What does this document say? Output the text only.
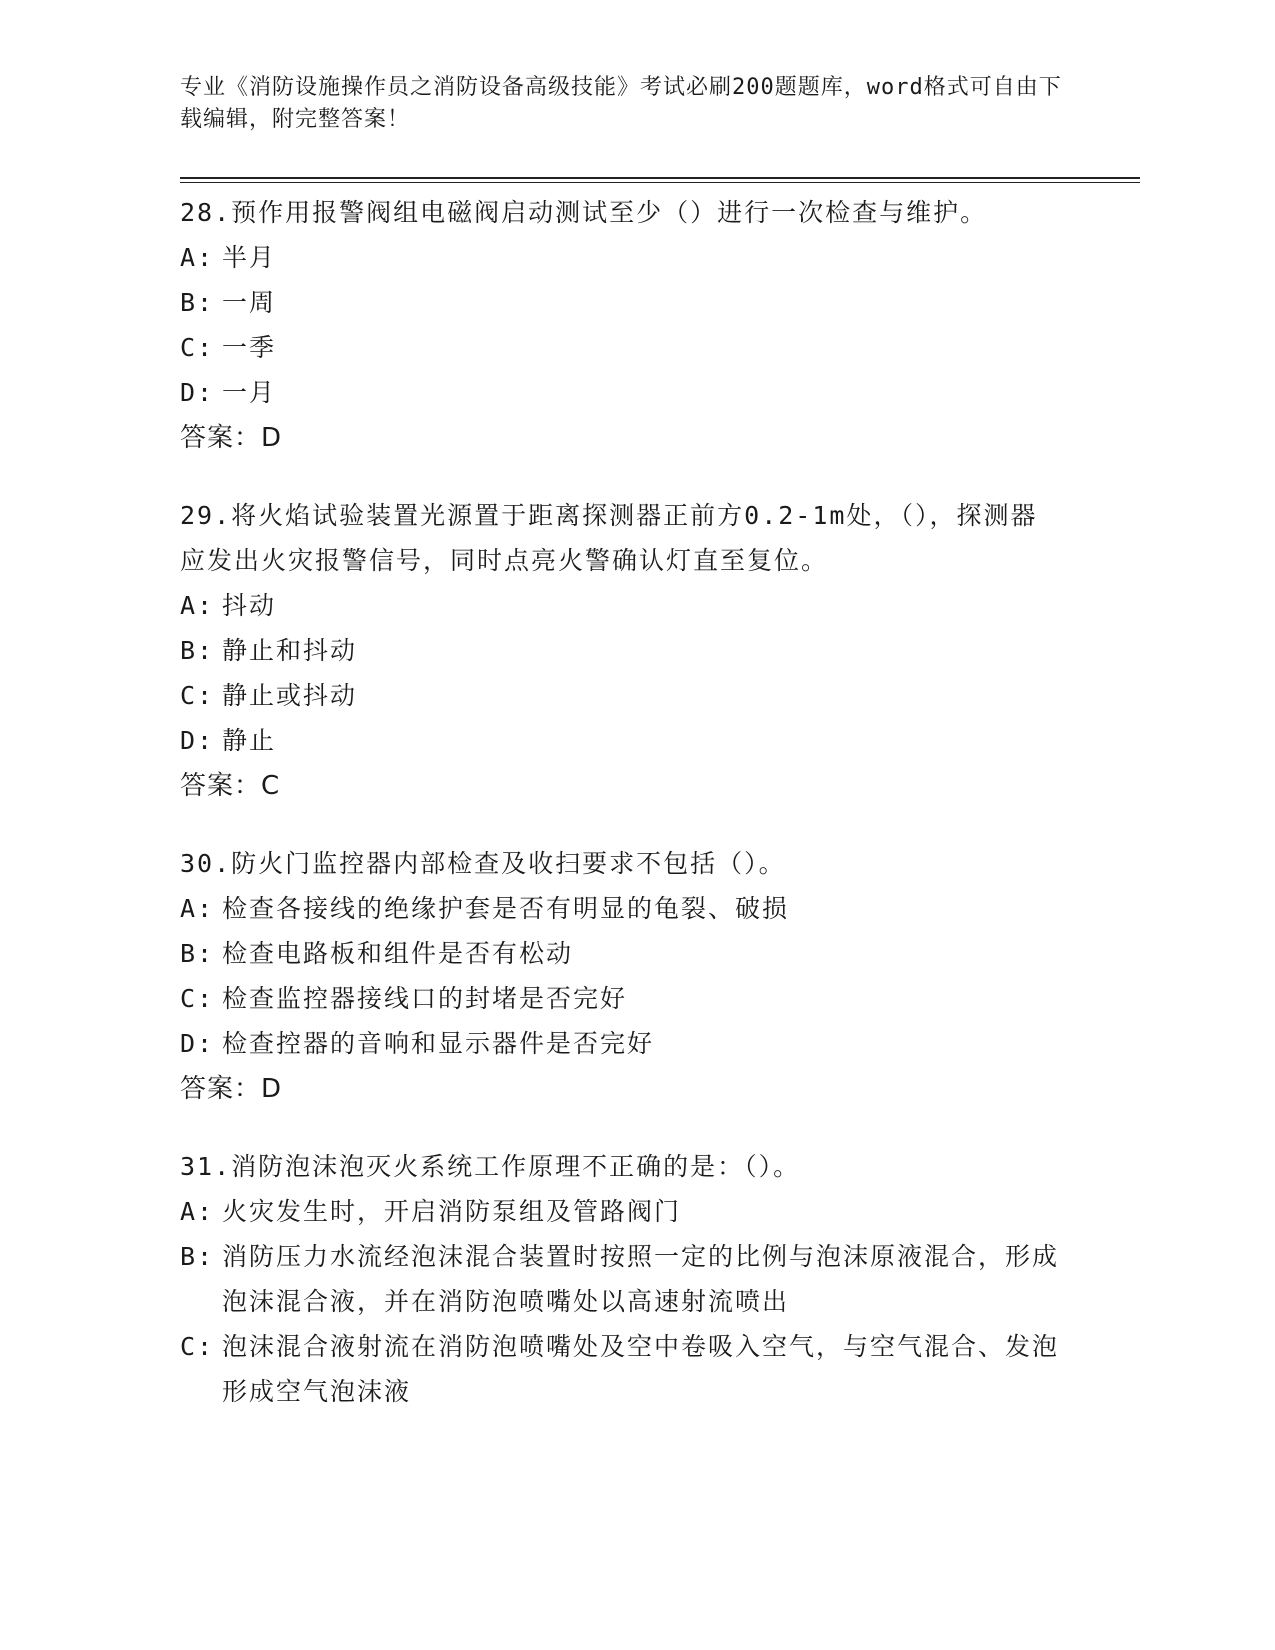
专业《消防设施操作员之消防设备高级技能》考试必刷200题题库，word格式可自由下载编辑，附完整答案！

28.预作用报警阀组电磁阀启动测试至少（）进行一次检查与维护。

A: 半月

B: 一周

C: 一季

D: 一月

答案：D

29.将火焰试验装置光源置于距离探测器正前方0.2-1m处，（），探测器应发出火灾报警信号，同时点亮火警确认灯直至复位。

A: 抖动

B: 静止和抖动

C: 静止或抖动

D: 静止

答案：C

30.防火门监控器内部检查及收扫要求不包括（）。

A: 检查各接线的绝缘护套是否有明显的龟裂、破损

B: 检查电路板和组件是否有松动

C: 检查监控器接线口的封堵是否完好

D: 检查控器的音响和显示器件是否完好

答案：D

31.消防泡沫泡灭火系统工作原理不正确的是：（）。

A: 火灾发生时，开启消防泵组及管路阀门

B: 消防压力水流经泡沫混合装置时按照一定的比例与泡沫原液混合，形成泡沫混合液，并在消防泡喷嘴处以高速射流喷出

C: 泡沫混合液射流在消防泡喷嘴处及空中卷吸入空气，与空气混合、发泡形成空气泡沫液
